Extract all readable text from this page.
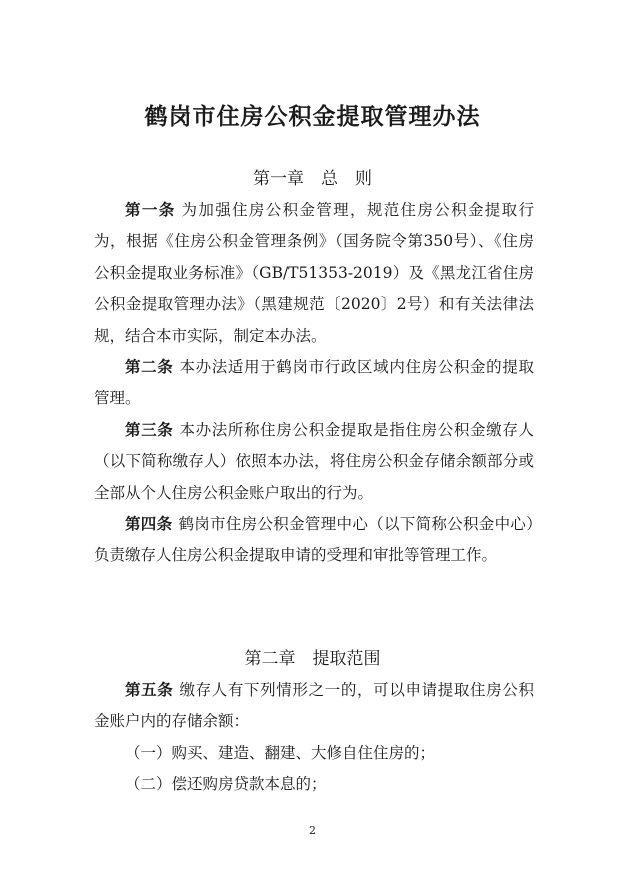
鹤岗市住房公积金提取管理办法
第一章　总　则

第一条 为加强住房公积金管理，规范住房公积金提取行为，根据《住房公积金管理条例》（国务院令第350号）、《住房公积金提取业务标准》（GB/T51353-2019）及《黑龙江省住房公积金提取管理办法》（黑建规范〔2020〕2号）和有关法律法规，结合本市实际，制定本办法。

第二条 本办法适用于鹤岗市行政区域内住房公积金的提取管理。

第三条 本办法所称住房公积金提取是指住房公积金缴存人（以下简称缴存人）依照本办法，将住房公积金存储余额部分或全部从个人住房公积金账户取出的行为。

第四条 鹤岗市住房公积金管理中心（以下简称公积金中心）负责缴存人住房公积金提取申请的受理和审批等管理工作。

第二章　提取范围

第五条 缴存人有下列情形之一的，可以申请提取住房公积金账户内的存储余额：

（一）购买、建造、翻建、大修自住住房的；

（二）偿还购房贷款本息的；

2
